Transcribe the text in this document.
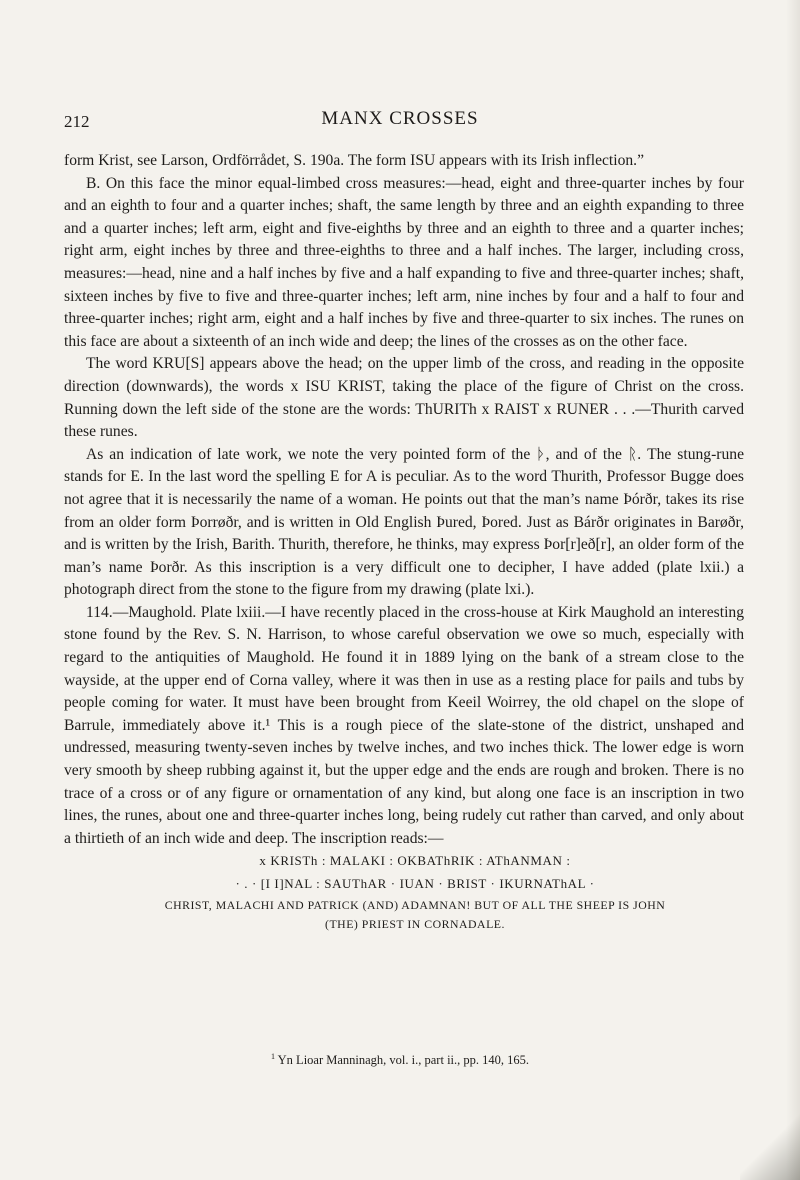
212	MANX CROSSES

form Krist, see Larson, Ordförrådet, S. 190a. The form ISU appears with its Irish inflection.”

B. On this face the minor equal-limbed cross measures:—head, eight and three-quarter inches by four and an eighth to four and a quarter inches; shaft, the same length by three and an eighth expanding to three and a quarter inches; left arm, eight and five-eighths by three and an eighth to three and a quarter inches; right arm, eight inches by three and three-eighths to three and a half inches. The larger, including cross, measures:—head, nine and a half inches by five and a half expanding to five and three-quarter inches; shaft, sixteen inches by five to five and three-quarter inches; left arm, nine inches by four and a half to four and three-quarter inches; right arm, eight and a half inches by five and three-quarter to six inches. The runes on this face are about a sixteenth of an inch wide and deep; the lines of the crosses as on the other face.

The word KRU[S] appears above the head; on the upper limb of the cross, and reading in the opposite direction (downwards), the words x ISU KRIST, taking the place of the figure of Christ on the cross. Running down the left side of the stone are the words: ThURITh x RAIST x RUNER . . .—Thurith carved these runes.

As an indication of late work, we note the very pointed form of the ᚦ, and of the ᚱ. The stung-rune stands for E. In the last word the spelling E for A is peculiar. As to the word Thurith, Professor Bugge does not agree that it is necessarily the name of a woman. He points out that the man’s name Þórðr, takes its rise from an older form Þorrøðr, and is written in Old English Þured, Þored. Just as Bárðr originates in Barøðr, and is written by the Irish, Barith. Thurith, therefore, he thinks, may express Þor[r]eð[r], an older form of the man’s name Þorðr. As this inscription is a very difficult one to decipher, I have added (plate lxii.) a photograph direct from the stone to the figure from my drawing (plate lxi.).

114.—Maughold. Plate lxiii.—I have recently placed in the cross-house at Kirk Maughold an interesting stone found by the Rev. S. N. Harrison, to whose careful observation we owe so much, especially with regard to the antiquities of Maughold. He found it in 1889 lying on the bank of a stream close to the wayside, at the upper end of Corna valley, where it was then in use as a resting place for pails and tubs by people coming for water. It must have been brought from Keeil Woirrey, the old chapel on the slope of Barrule, immediately above it.¹ This is a rough piece of the slate-stone of the district, unshaped and undressed, measuring twenty-seven inches by twelve inches, and two inches thick. The lower edge is worn very smooth by sheep rubbing against it, but the upper edge and the ends are rough and broken. There is no trace of a cross or of any figure or ornamentation of any kind, but along one face is an inscription in two lines, the runes, about one and three-quarter inches long, being rudely cut rather than carved, and only about a thirtieth of an inch wide and deep. The inscription reads:—

x KRISTh : MALAKI : OKBAThRIK : AThANMAN :

· . · [I I]NAL : SAUThAR · IUAN · BRIST · IKURNAThAL ·

CHRIST, MALACHI AND PATRICK (AND) ADAMNAN! BUT OF ALL THE SHEEP IS JOHN

(THE) PRIEST IN CORNADALE.

$^1$ Yn Lioar Manninagh, vol. i., part ii., pp. 140, 165.
